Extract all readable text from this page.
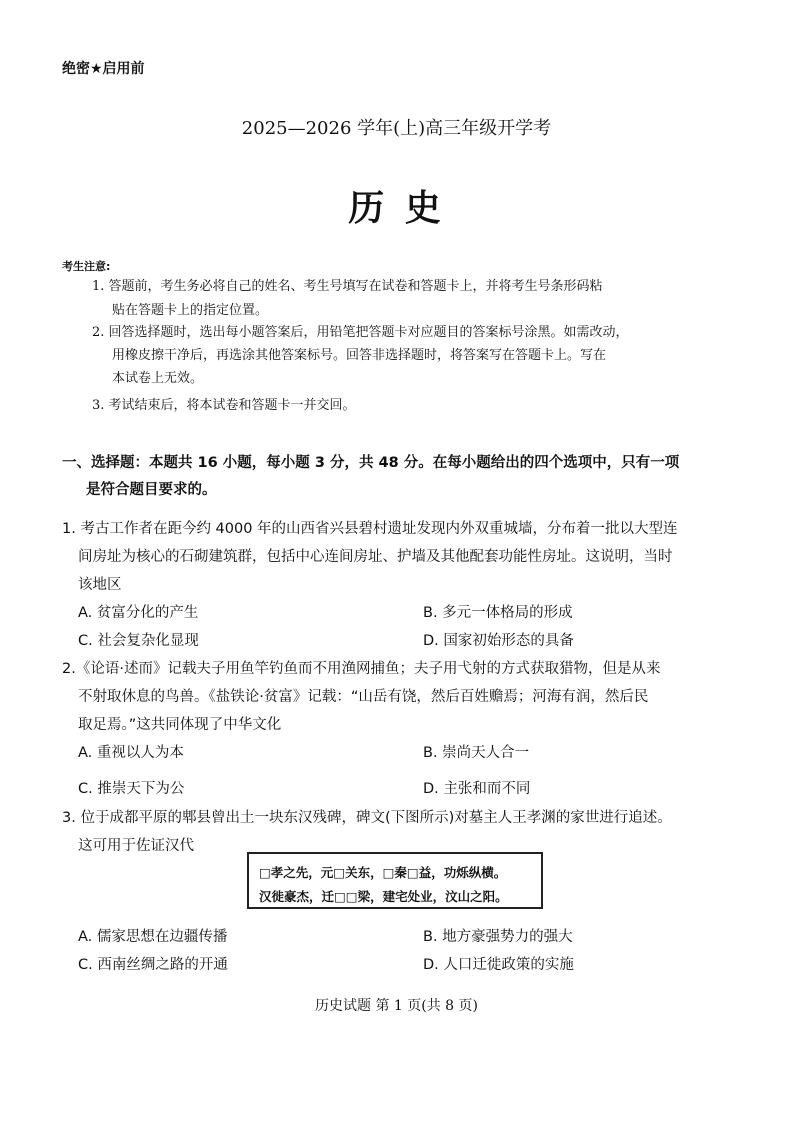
绝密★启用前
2025—2026 学年(上)高三年级开学考
历 史
考生注意:
1. 答题前，考生务必将自己的姓名、考生号填写在试卷和答题卡上，并将考生号条形码粘
贴在答题卡上的指定位置。
2. 回答选择题时，选出每小题答案后，用铅笔把答题卡对应题目的答案标号涂黑。如需改动，
用橡皮擦干净后，再选涂其他答案标号。回答非选择题时，将答案写在答题卡上。写在
本试卷上无效。
3. 考试结束后，将本试卷和答题卡一并交回。
一、选择题：本题共 16 小题，每小题 3 分，共 48 分。在每小题给出的四个选项中，只有一项
是符合题目要求的。
1. 考古工作者在距今约 4000 年的山西省兴县碧村遗址发现内外双重城墙，分布着一批以大型连
间房址为核心的石砌建筑群，包括中心连间房址、护墙及其他配套功能性房址。这说明，当时
该地区
A. 贫富分化的产生	B. 多元一体格局的形成
C. 社会复杂化显现	D. 国家初始形态的具备
2.《论语·述而》记载夫子用鱼竿钓鱼而不用渔网捕鱼；夫子用弋射的方式获取猎物，但是从来
不射取休息的鸟兽。《盐铁论·贫富》记载：“山岳有饶，然后百姓赡焉；河海有润，然后民
取足焉。”这共同体现了中华文化
A. 重视以人为本	B. 崇尚天人合一
C. 推崇天下为公	D. 主张和而不同
3. 位于成都平原的郫县曾出土一块东汉残碑，碑文(下图所示)对墓主人王孝渊的家世进行追述。
这可用于佐证汉代
□孝之先，元□关东，□秦□益，功烁纵横。
汉徙豪杰，迁□□梁，建宅处业，汶山之阳。
A. 儒家思想在边疆传播	B. 地方豪强势力的强大
C. 西南丝绸之路的开通	D. 人口迁徙政策的实施
历史试题 第 1 页(共 8 页)
